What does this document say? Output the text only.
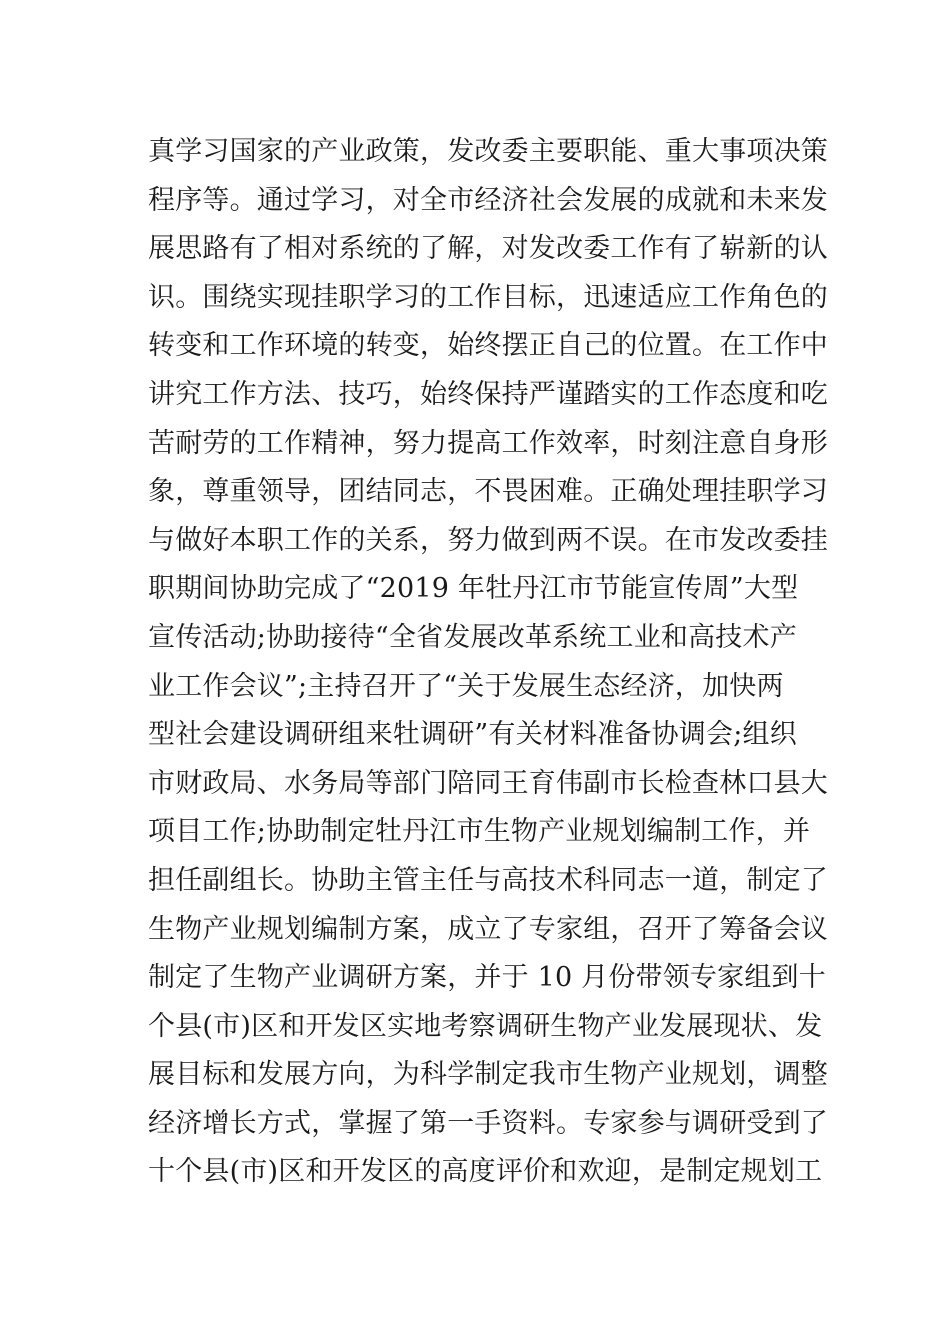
真学习国家的产业政策，发改委主要职能、重大事项决策
程序等。通过学习，对全市经济社会发展的成就和未来发
展思路有了相对系统的了解，对发改委工作有了崭新的认
识。围绕实现挂职学习的工作目标，迅速适应工作角色的
转变和工作环境的转变，始终摆正自己的位置。在工作中
讲究工作方法、技巧，始终保持严谨踏实的工作态度和吃
苦耐劳的工作精神，努力提高工作效率，时刻注意自身形
象，尊重领导，团结同志，不畏困难。正确处理挂职学习
与做好本职工作的关系，努力做到两不误。在市发改委挂
职期间协助完成了“2019 年牡丹江市节能宣传周”大型
宣传活动;协助接待“全省发展改革系统工业和高技术产
业工作会议”;主持召开了“关于发展生态经济，加快两
型社会建设调研组来牡调研”有关材料准备协调会;组织
市财政局、水务局等部门陪同王育伟副市长检查林口县大
项目工作;协助制定牡丹江市生物产业规划编制工作，并
担任副组长。协助主管主任与高技术科同志一道，制定了
生物产业规划编制方案，成立了专家组，召开了筹备会议
制定了生物产业调研方案，并于 10 月份带领专家组到十
个县(市)区和开发区实地考察调研生物产业发展现状、发
展目标和发展方向，为科学制定我市生物产业规划，调整
经济增长方式，掌握了第一手资料。专家参与调研受到了
十个县(市)区和开发区的高度评价和欢迎，是制定规划工
